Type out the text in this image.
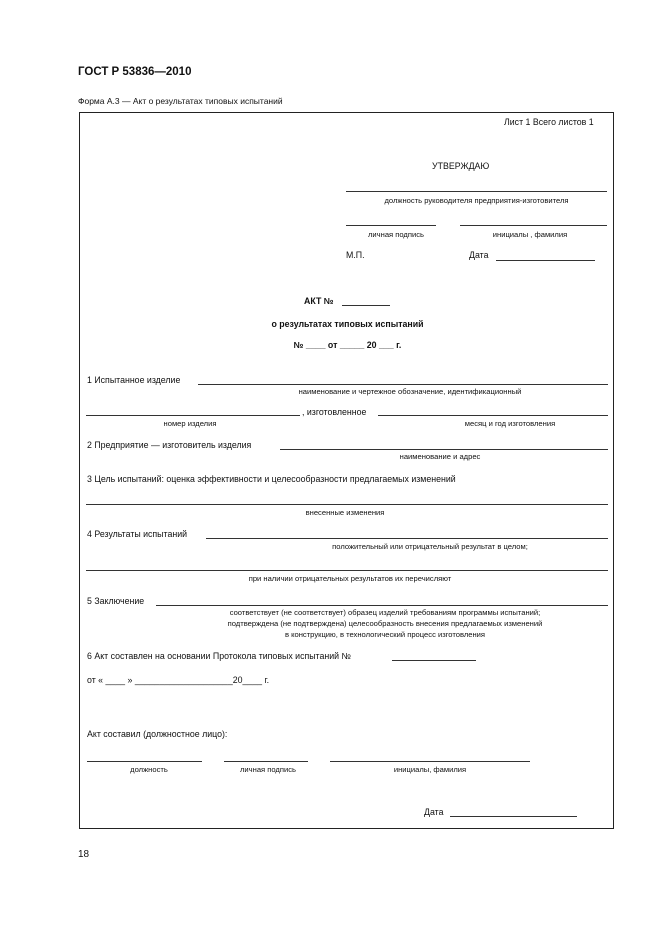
ГОСТ Р 53836—2010
Форма А.3 — Акт о результатах типовых испытаний
Лист 1 Всего листов 1
УТВЕРЖДАЮ
должность руководителя предприятия-изготовителя
личная подпись	инициалы , фамилия
М.П.	Дата
АКТ №
о результатах типовых испытаний
№ ____ от _____ 20 ___ г.
1 Испытанное изделие
наименование и чертежное обозначение, идентификационный
, изготовленное
номер изделия	месяц и год изготовления
2 Предприятие — изготовитель изделия
наименование и адрес
3 Цель испытаний: оценка эффективности и целесообразности предлагаемых изменений
внесенные изменения
4 Результаты испытаний
положительный или отрицательный результат в целом;
при наличии отрицательных результатов их перечисляют
5 Заключение
соответствует (не соответствует) образец изделий требованиям программы испытаний;
подтверждена (не подтверждена) целесообразность внесения предлагаемых изменений
в конструкцию, в технологический процесс изготовления
6 Акт составлен на основании Протокола типовых испытаний №
от « ____ » ____________________20____ г.
Акт составил (должностное лицо):
должность	личная подпись	инициалы, фамилия
Дата
18
